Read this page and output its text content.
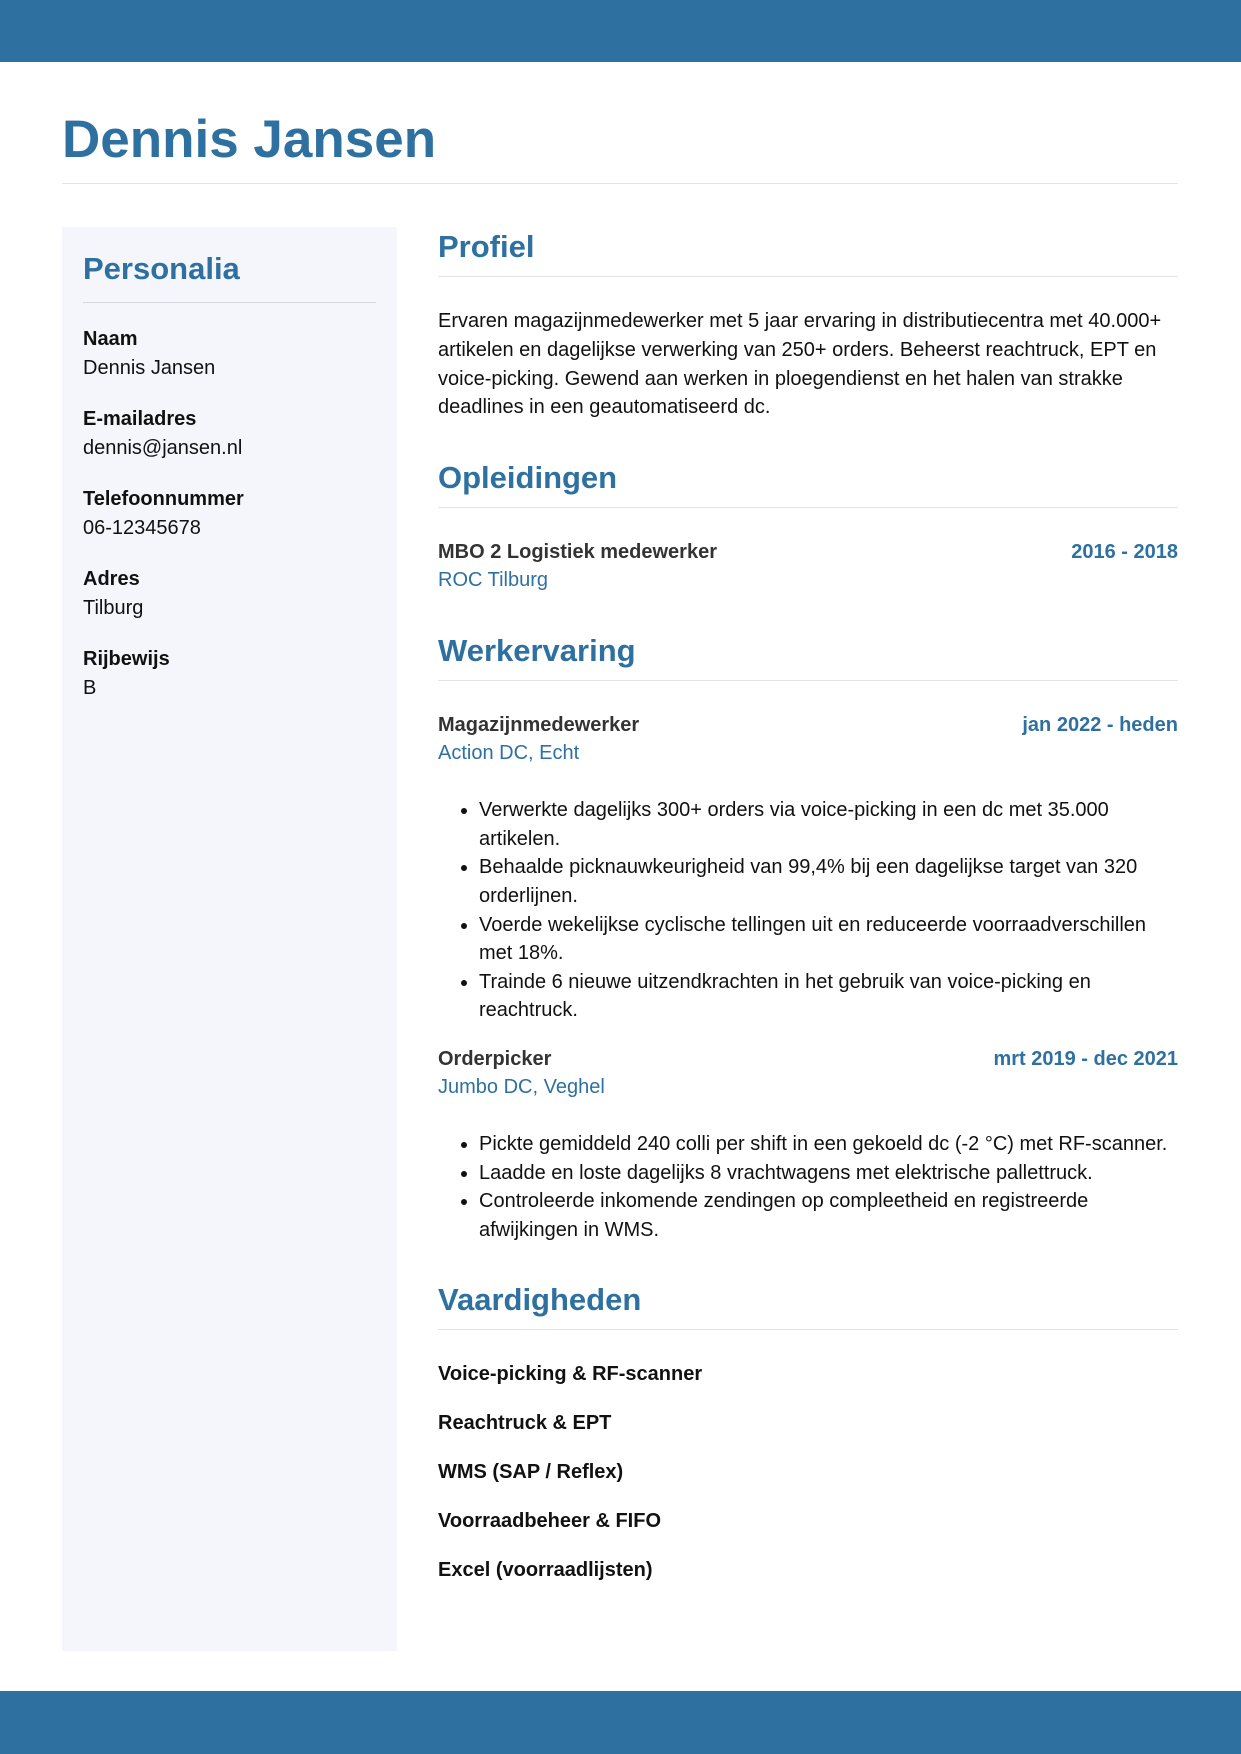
Dennis Jansen
Personalia
Naam
Dennis Jansen
E-mailadres
dennis@jansen.nl
Telefoonnummer
06-12345678
Adres
Tilburg
Rijbewijs
B
Profiel

Ervaren magazijnmedewerker met 5 jaar ervaring in distributiecentra met 40.000+ artikelen en dagelijkse verwerking van 250+ orders. Beheerst reachtruck, EPT en voice-picking. Gewend aan werken in ploegendienst en het halen van strakke deadlines in een geautomatiseerd dc.

Opleidingen
MBO 2 Logistiek medewerker	2016 - 2018
ROC Tilburg
Werkervaring
Magazijnmedewerker	jan 2022 - heden
Action DC, Echt
• Verwerkte dagelijks 300+ orders via voice-picking in een dc met 35.000 artikelen.
• Behaalde picknauwkeurigheid van 99,4% bij een dagelijkse target van 320 orderlijnen.
• Voerde wekelijkse cyclische tellingen uit en reduceerde voorraadverschillen met 18%.
• Trainde 6 nieuwe uitzendkrachten in het gebruik van voice-picking en reachtruck.
Orderpicker	mrt 2019 - dec 2021
Jumbo DC, Veghel
• Pickte gemiddeld 240 colli per shift in een gekoeld dc (-2 °C) met RF-scanner.
• Laadde en loste dagelijks 8 vrachtwagens met elektrische pallettruck.
• Controleerde inkomende zendingen op compleetheid en registreerde afwijkingen in WMS.
Vaardigheden
Voice-picking & RF-scanner
Reachtruck & EPT
WMS (SAP / Reflex)
Voorraadbeheer & FIFO
Excel (voorraadlijsten)
